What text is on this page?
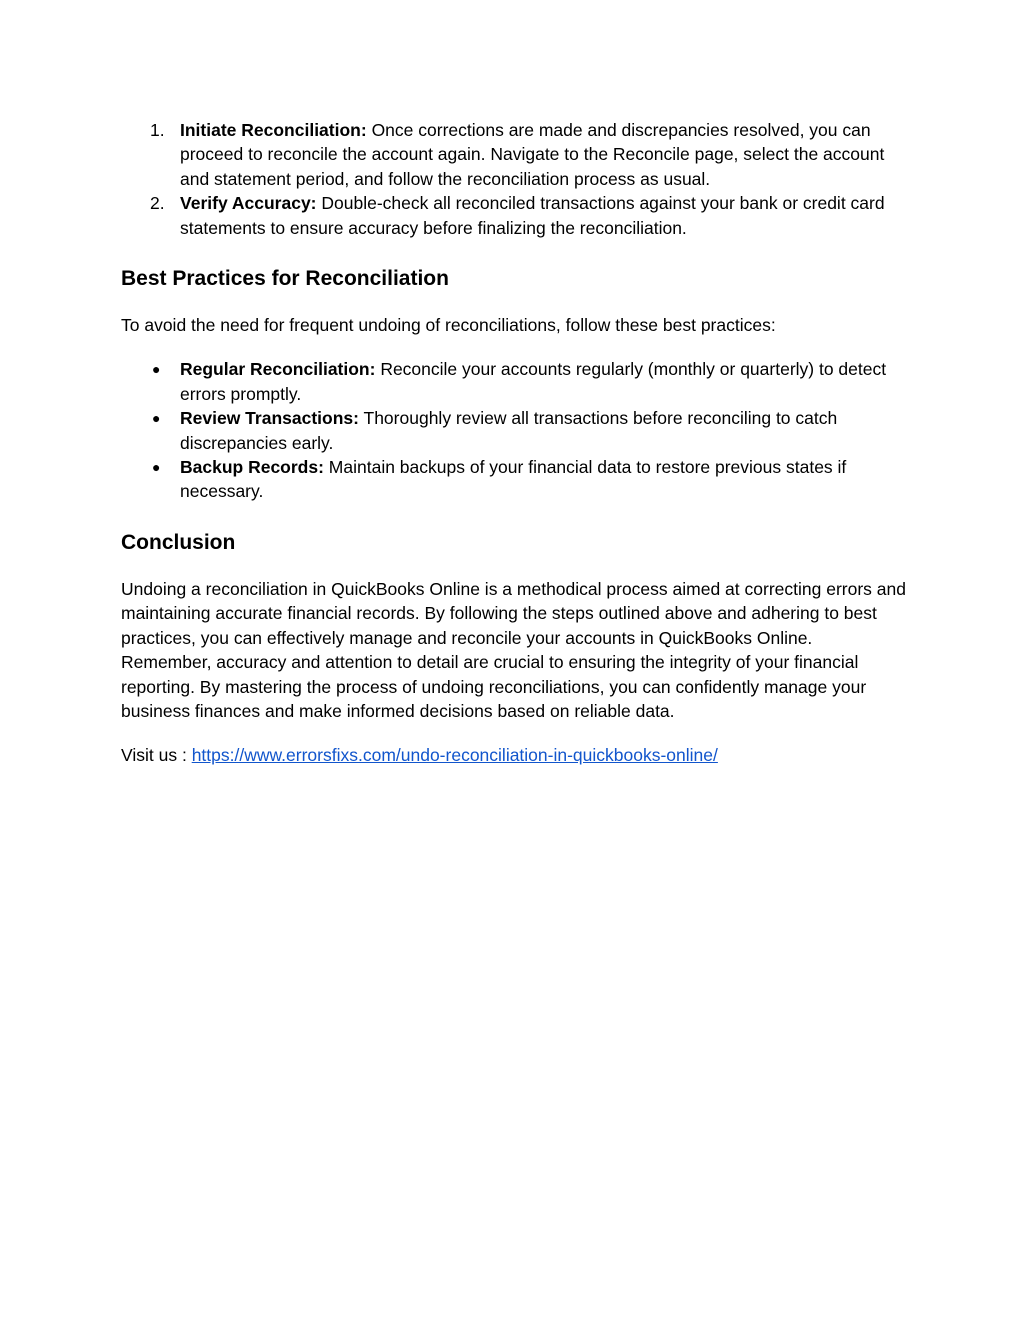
1. Initiate Reconciliation: Once corrections are made and discrepancies resolved, you can proceed to reconcile the account again. Navigate to the Reconcile page, select the account and statement period, and follow the reconciliation process as usual.
2. Verify Accuracy: Double-check all reconciled transactions against your bank or credit card statements to ensure accuracy before finalizing the reconciliation.
Best Practices for Reconciliation

To avoid the need for frequent undoing of reconciliations, follow these best practices:

● Regular Reconciliation: Reconcile your accounts regularly (monthly or quarterly) to detect errors promptly.
● Review Transactions: Thoroughly review all transactions before reconciling to catch discrepancies early.
● Backup Records: Maintain backups of your financial data to restore previous states if necessary.
Conclusion

Undoing a reconciliation in QuickBooks Online is a methodical process aimed at correcting errors and maintaining accurate financial records. By following the steps outlined above and adhering to best practices, you can effectively manage and reconcile your accounts in QuickBooks Online. Remember, accuracy and attention to detail are crucial to ensuring the integrity of your financial reporting. By mastering the process of undoing reconciliations, you can confidently manage your business finances and make informed decisions based on reliable data.

Visit us : https://www.errorsfixs.com/undo-reconciliation-in-quickbooks-online/
